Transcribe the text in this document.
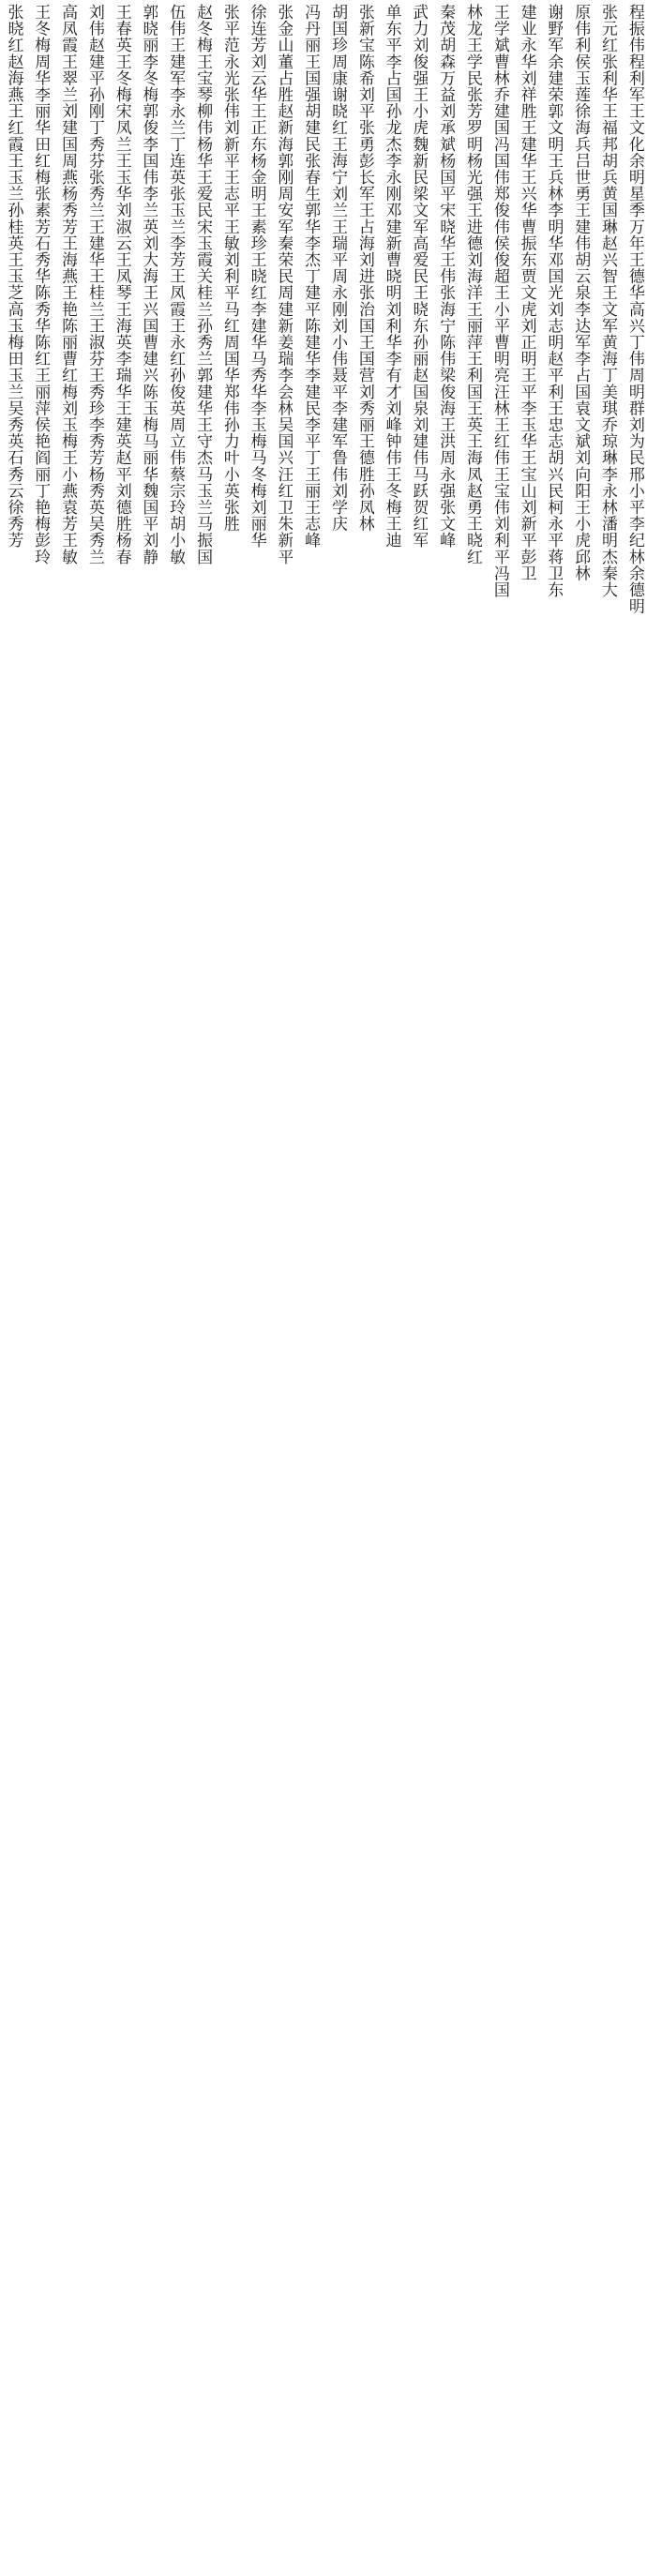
程振伟程利军王文化余明星季万年王德华高兴丁伟周明群刘为民邢小平李纪林余德明
张元红张利华王福邦胡兵黄国琳赵兴智王文军黄海丁美琪乔琼琳李永林潘明杰秦大
原伟利侯玉莲徐海兵吕世勇王建伟胡云泉李达军李占国袁文斌刘向阳王小虎邱林
谢野军余建荣郭文明王兵林李明华邓国光刘志明赵平利王忠志胡兴民柯永平蒋卫东
建业永华刘祥胜王建华王兴华曹振东贾文虎刘正明王平李玉华王宝山刘新平彭卫
王学斌曹林乔建国冯国伟郑俊伟侯俊超王小平曹明亮汪林王红伟王宝伟刘利平冯国
林龙王学民张芳罗明杨光强王进德刘海洋王丽萍王利国王英王海凤赵勇王晓红
秦茂胡森万益刘承斌杨国平宋晓华王伟张海宁陈伟梁俊海王洪周永强张文峰
武力刘俊强王小虎魏新民梁文军高爱民王晓东孙丽赵国泉刘建伟马跃贺红军
单东平李占国孙龙杰李永刚邓建新曹晓明刘利华李有才刘峰钟伟王冬梅王迪
张新宝陈希刘平张勇彭长军王占海刘进张治国王国营刘秀丽王德胜孙凤林
胡国珍周康谢晓红王海宁刘兰王瑞平周永刚刘小伟聂平李建军鲁伟刘学庆
冯丹丽王国强胡建民张春生郭华李杰丁建平陈建华李建民李平丁王丽王志峰
张金山董占胜赵新海郭刚周安军秦荣民周建新姜瑞李会林吴国兴汪红卫朱新平
徐连芳刘云华王正东杨金明王素珍王晓红李建华马秀华李玉梅马冬梅刘丽华
张平范永光张伟刘新平王志平王敏刘利平马红周国华郑伟孙力叶小英张胜
赵冬梅王宝琴柳伟杨华王爱民宋玉霞关桂兰孙秀兰郭建华王守杰马玉兰马振国
伍伟王建军李永兰丁连英张玉兰李芳王凤霞王永红孙俊英周立伟蔡宗玲胡小敏
郭晓丽李冬梅郭俊李国伟李兰英刘大海王兴国曹建兴陈玉梅马丽华魏国平刘静
王春英王冬梅宋凤兰王玉华刘淑云王凤琴王海英李瑞华王建英赵平刘德胜杨春
刘伟赵建平孙刚丁秀芬张秀兰王建华王桂兰王淑芬王秀珍李秀芳杨秀英吴秀兰
高凤霞王翠兰刘建国周燕杨秀芳王海燕王艳陈丽曹红梅刘玉梅王小燕袁芳王敏
王冬梅周华李丽华田红梅张素芳石秀华陈秀华陈红王丽萍侯艳阎丽丁艳梅彭玲
张晓红赵海燕王红霞王玉兰孙桂英王玉芝高玉梅田玉兰吴秀英石秀云徐秀芳
